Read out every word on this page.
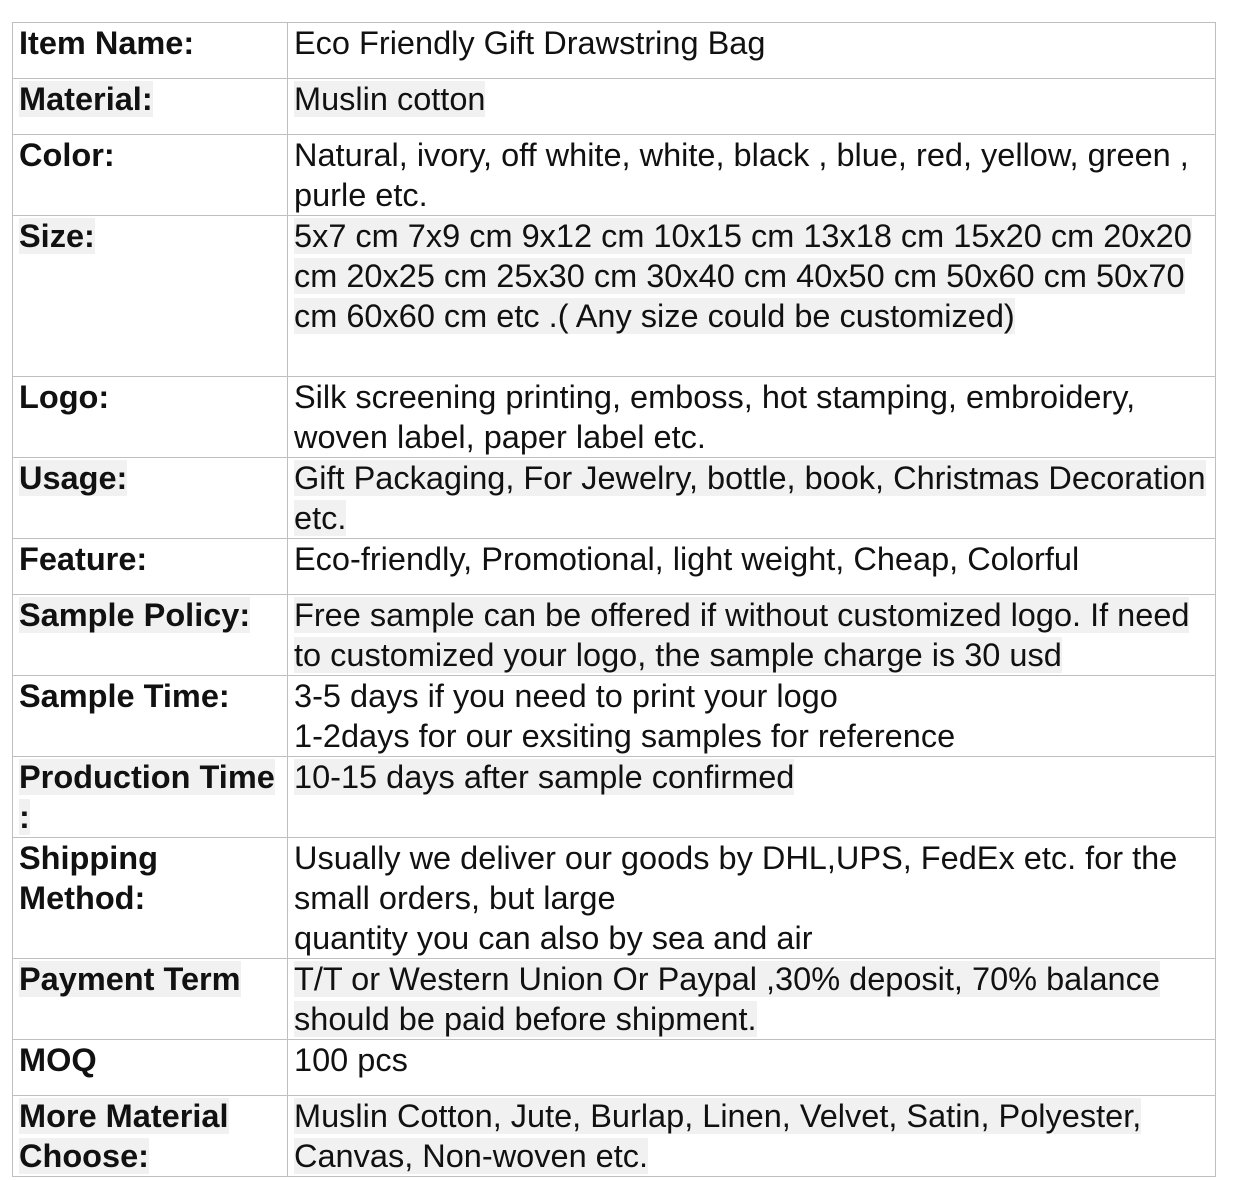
Item Name:	Eco Friendly Gift Drawstring Bag
Material:	Muslin cotton
Color:	Natural, ivory, off white, white, black , blue, red, yellow, green , purle etc.
Size:	5x7 cm 7x9 cm 9x12 cm 10x15 cm 13x18 cm 15x20 cm 20x20 cm 20x25 cm 25x30 cm 30x40 cm 40x50 cm 50x60 cm 50x70 cm 60x60 cm etc .( Any size could be customized)
Logo:	Silk screening printing, emboss, hot stamping, embroidery, woven label, paper label etc.
Usage:	Gift Packaging, For Jewelry, bottle, book, Christmas Decoration etc.
Feature:	Eco-friendly, Promotional, light weight, Cheap, Colorful
Sample Policy:	Free sample can be offered if without customized logo. If need to customized your logo, the sample charge is 30 usd
Sample Time:	3-5 days if you need to print your logo
1-2days for our exsiting samples for reference
Production Time :	10-15 days after sample confirmed
Shipping Method:	Usually we deliver our goods by DHL,UPS, FedEx etc. for the small orders, but large
quantity you can also by sea and air
Payment Term	T/T or Western Union Or Paypal ,30% deposit, 70% balance should be paid before shipment.
MOQ	100 pcs
More Material Choose:	Muslin Cotton, Jute, Burlap, Linen, Velvet, Satin, Polyester, Canvas, Non-woven etc.
